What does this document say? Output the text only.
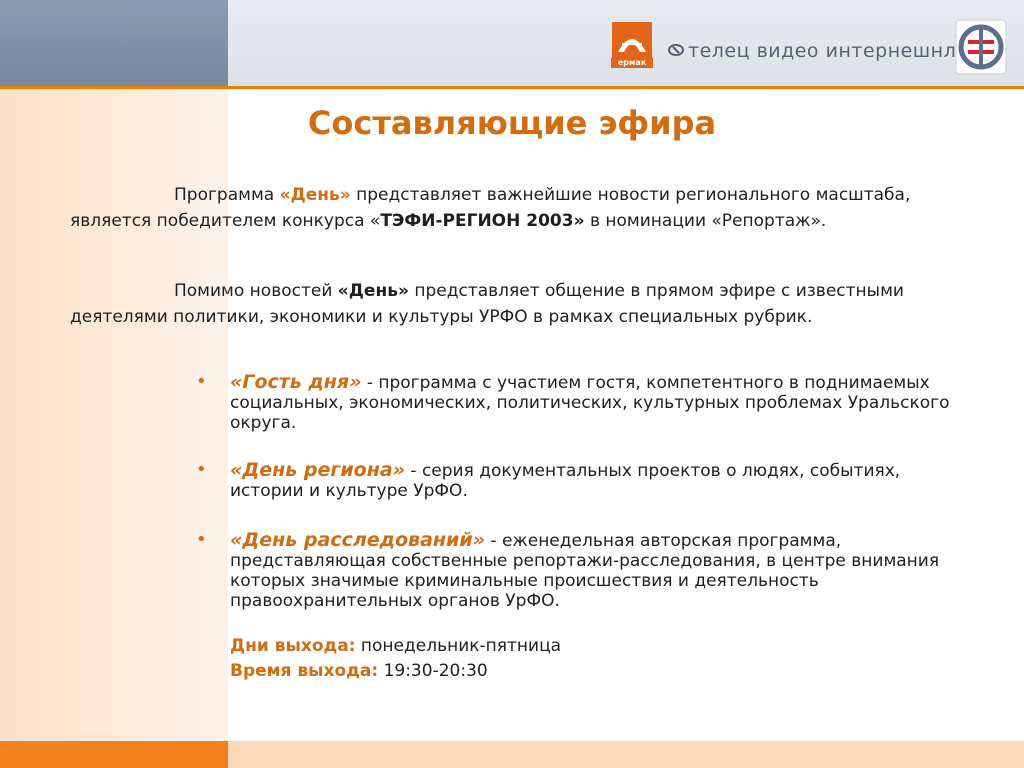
ермак
телец видео интернешнл
Составляющие эфира
Программа «День» представляет важнейшие новости регионального масштаба, является победителем конкурса «ТЭФИ-РЕГИОН 2003» в номинации «Репортаж».
Помимо новостей «День» представляет общение в прямом эфире с известными деятелями политики, экономики и культуры УРФО в рамках специальных рубрик.
• «Гость дня» - программа с участием гостя, компетентного в поднимаемых социальных, экономических, политических, культурных проблемах Уральского округа.
• «День региона» - серия документальных проектов о людях, событиях, истории и культуре УрФО.
• «День расследований» - еженедельная авторская программа, представляющая собственные репортажи-расследования, в центре внимания которых значимые криминальные происшествия и деятельность правоохранительных органов УрФО.
Дни выхода: понедельник-пятница
Время выхода: 19:30-20:30
